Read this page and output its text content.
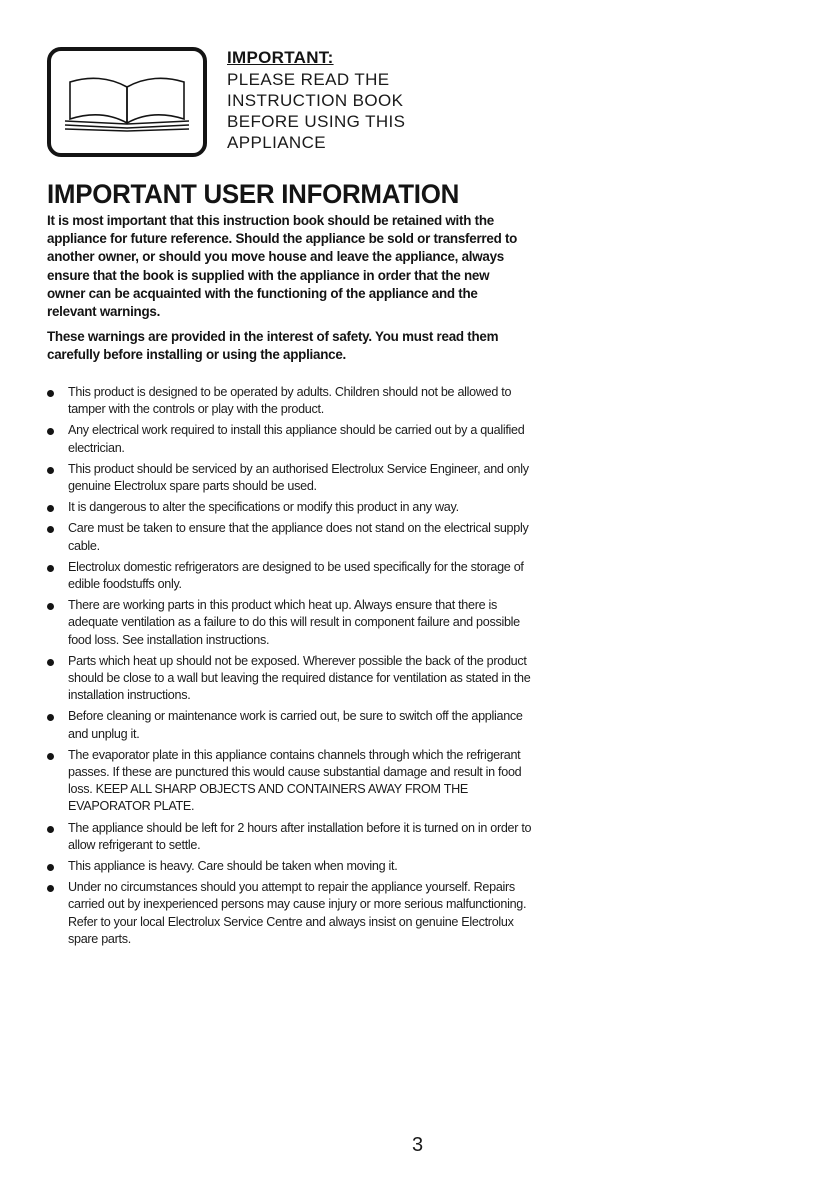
IMPORTANT:
PLEASE READ THE
INSTRUCTION BOOK
BEFORE USING THIS
APPLIANCE
IMPORTANT USER INFORMATION

It is most important that this instruction book should be retained with the appliance for future reference. Should the appliance be sold or transferred to another owner, or should you move house and leave the appliance, always ensure that the book is supplied with the appliance in order that the new owner can be acquainted with the functioning of the appliance and the relevant warnings.

These warnings are provided in the interest of safety. You must read them carefully before installing or using the appliance.

This product is designed to be operated by adults. Children should not be allowed to tamper with the controls or play with the product.
Any electrical work required to install this appliance should be carried out by a qualified electrician.
This product should be serviced by an authorised Electrolux Service Engineer, and only genuine Electrolux spare parts should be used.
It is dangerous to alter the specifications or modify this product in any way.
Care must be taken to ensure that the appliance does not stand on the electrical supply cable.
Electrolux domestic refrigerators are designed to be used specifically for the storage of edible foodstuffs only.
There are working parts in this product which heat up. Always ensure that there is adequate ventilation as a failure to do this will result in component failure and possible food loss. See installation instructions.
Parts which heat up should not be exposed. Wherever possible the back of the product should be close to a wall but leaving the required distance for ventilation as stated in the installation instructions.
Before cleaning or maintenance work is carried out, be sure to switch off the appliance and unplug it.
The evaporator plate in this appliance contains channels through which the refrigerant passes. If these are punctured this would cause substantial damage and result in food loss. KEEP ALL SHARP OBJECTS AND CONTAINERS AWAY FROM THE EVAPORATOR PLATE.
The appliance should be left for 2 hours after installation before it is turned on in order to allow refrigerant to settle.
This appliance is heavy. Care should be taken when moving it.
Under no circumstances should you attempt to repair the appliance yourself. Repairs carried out by inexperienced persons may cause injury or more serious malfunctioning. Refer to your local Electrolux Service Centre and always insist on genuine Electrolux spare parts.
3
